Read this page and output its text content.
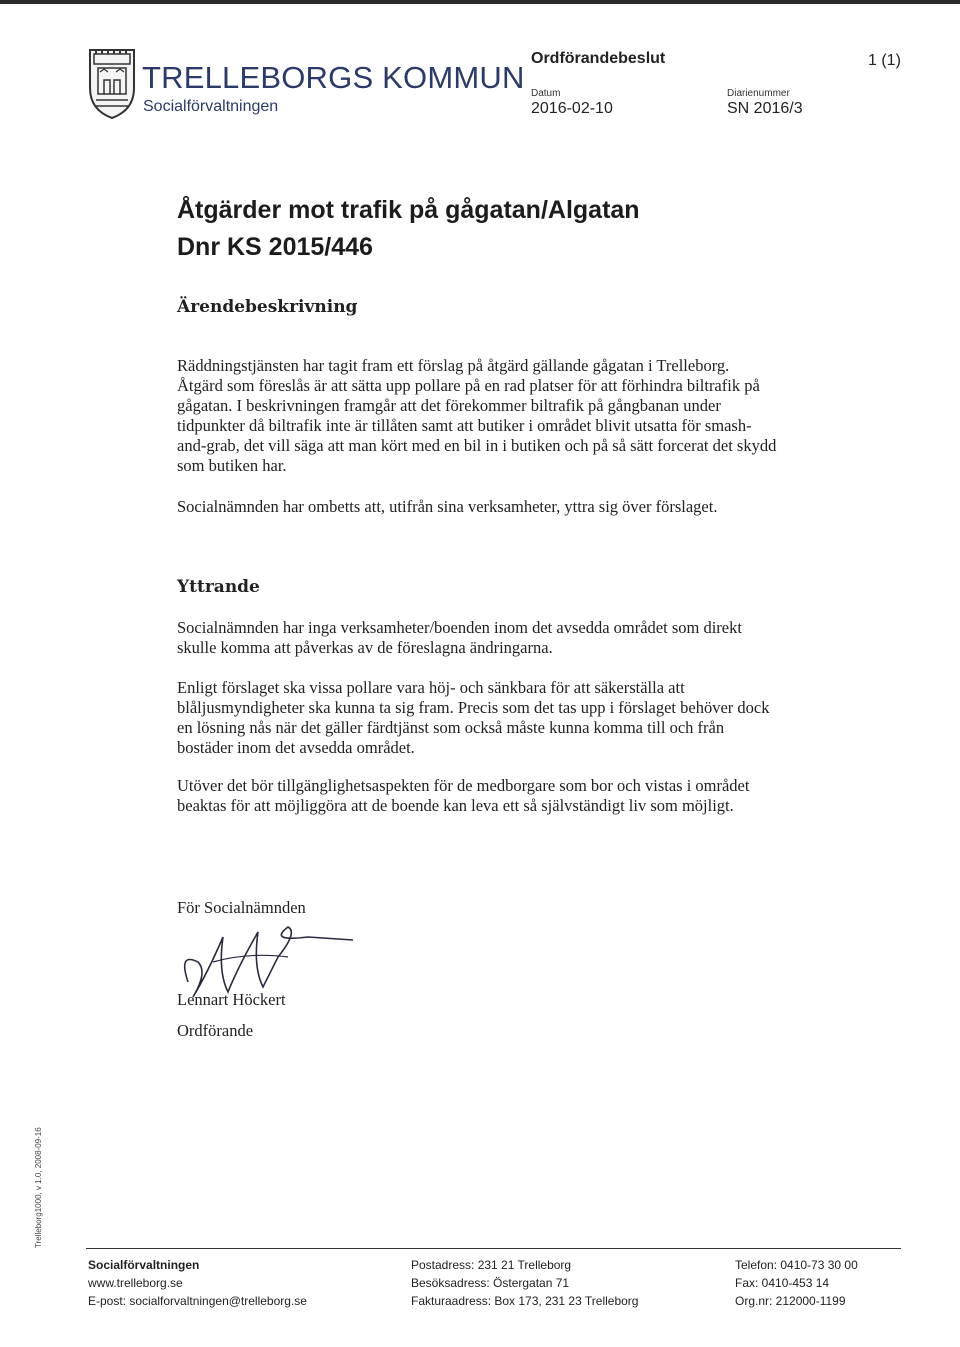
TRELLEBORGS KOMMUN
Socialförvaltningen
Ordförandebeslut	1 (1)
Datum
2016-02-10
Diarienummer
SN 2016/3
Åtgärder mot trafik på gågatan/Algatan
Dnr KS 2015/446
Ärendebeskrivning

Räddningstjänsten har tagit fram ett förslag på åtgärd gällande gågatan i Trelleborg. Åtgärd som föreslås är att sätta upp pollare på en rad platser för att förhindra biltrafik på gågatan. I beskrivningen framgår att det förekommer biltrafik på gångbanan under tidpunkter då biltrafik inte är tillåten samt att butiker i området blivit utsatta för smash-and-grab, det vill säga att man kört med en bil in i butiken och på så sätt forcerat det skydd som butiken har.

Socialnämnden har ombetts att, utifrån sina verksamheter, yttra sig över förslaget.

Yttrande

Socialnämnden har inga verksamheter/boenden inom det avsedda området som direkt skulle komma att påverkas av de föreslagna ändringarna.

Enligt förslaget ska vissa pollare vara höj- och sänkbara för att säkerställa att blåljusmyndigheter ska kunna ta sig fram. Precis som det tas upp i förslaget behöver dock en lösning nås när det gäller färdtjänst som också måste kunna komma till och från bostäder inom det avsedda området.

Utöver det bör tillgänglighetsaspekten för de medborgare som bor och vistas i området beaktas för att möjliggöra att de boende kan leva ett så självständigt liv som möjligt.

För Socialnämnden
Lennart Höckert
Ordförande
Trelleborg1000, v 1.0, 2008-09-16
Socialförvaltningen
www.trelleborg.se
E-post: socialforvaltningen@trelleborg.se
Postadress: 231 21 Trelleborg
Besöksadress: Östergatan 71
Fakturaadress: Box 173, 231 23 Trelleborg
Telefon: 0410-73 30 00
Fax: 0410-453 14
Org.nr: 212000-1199
